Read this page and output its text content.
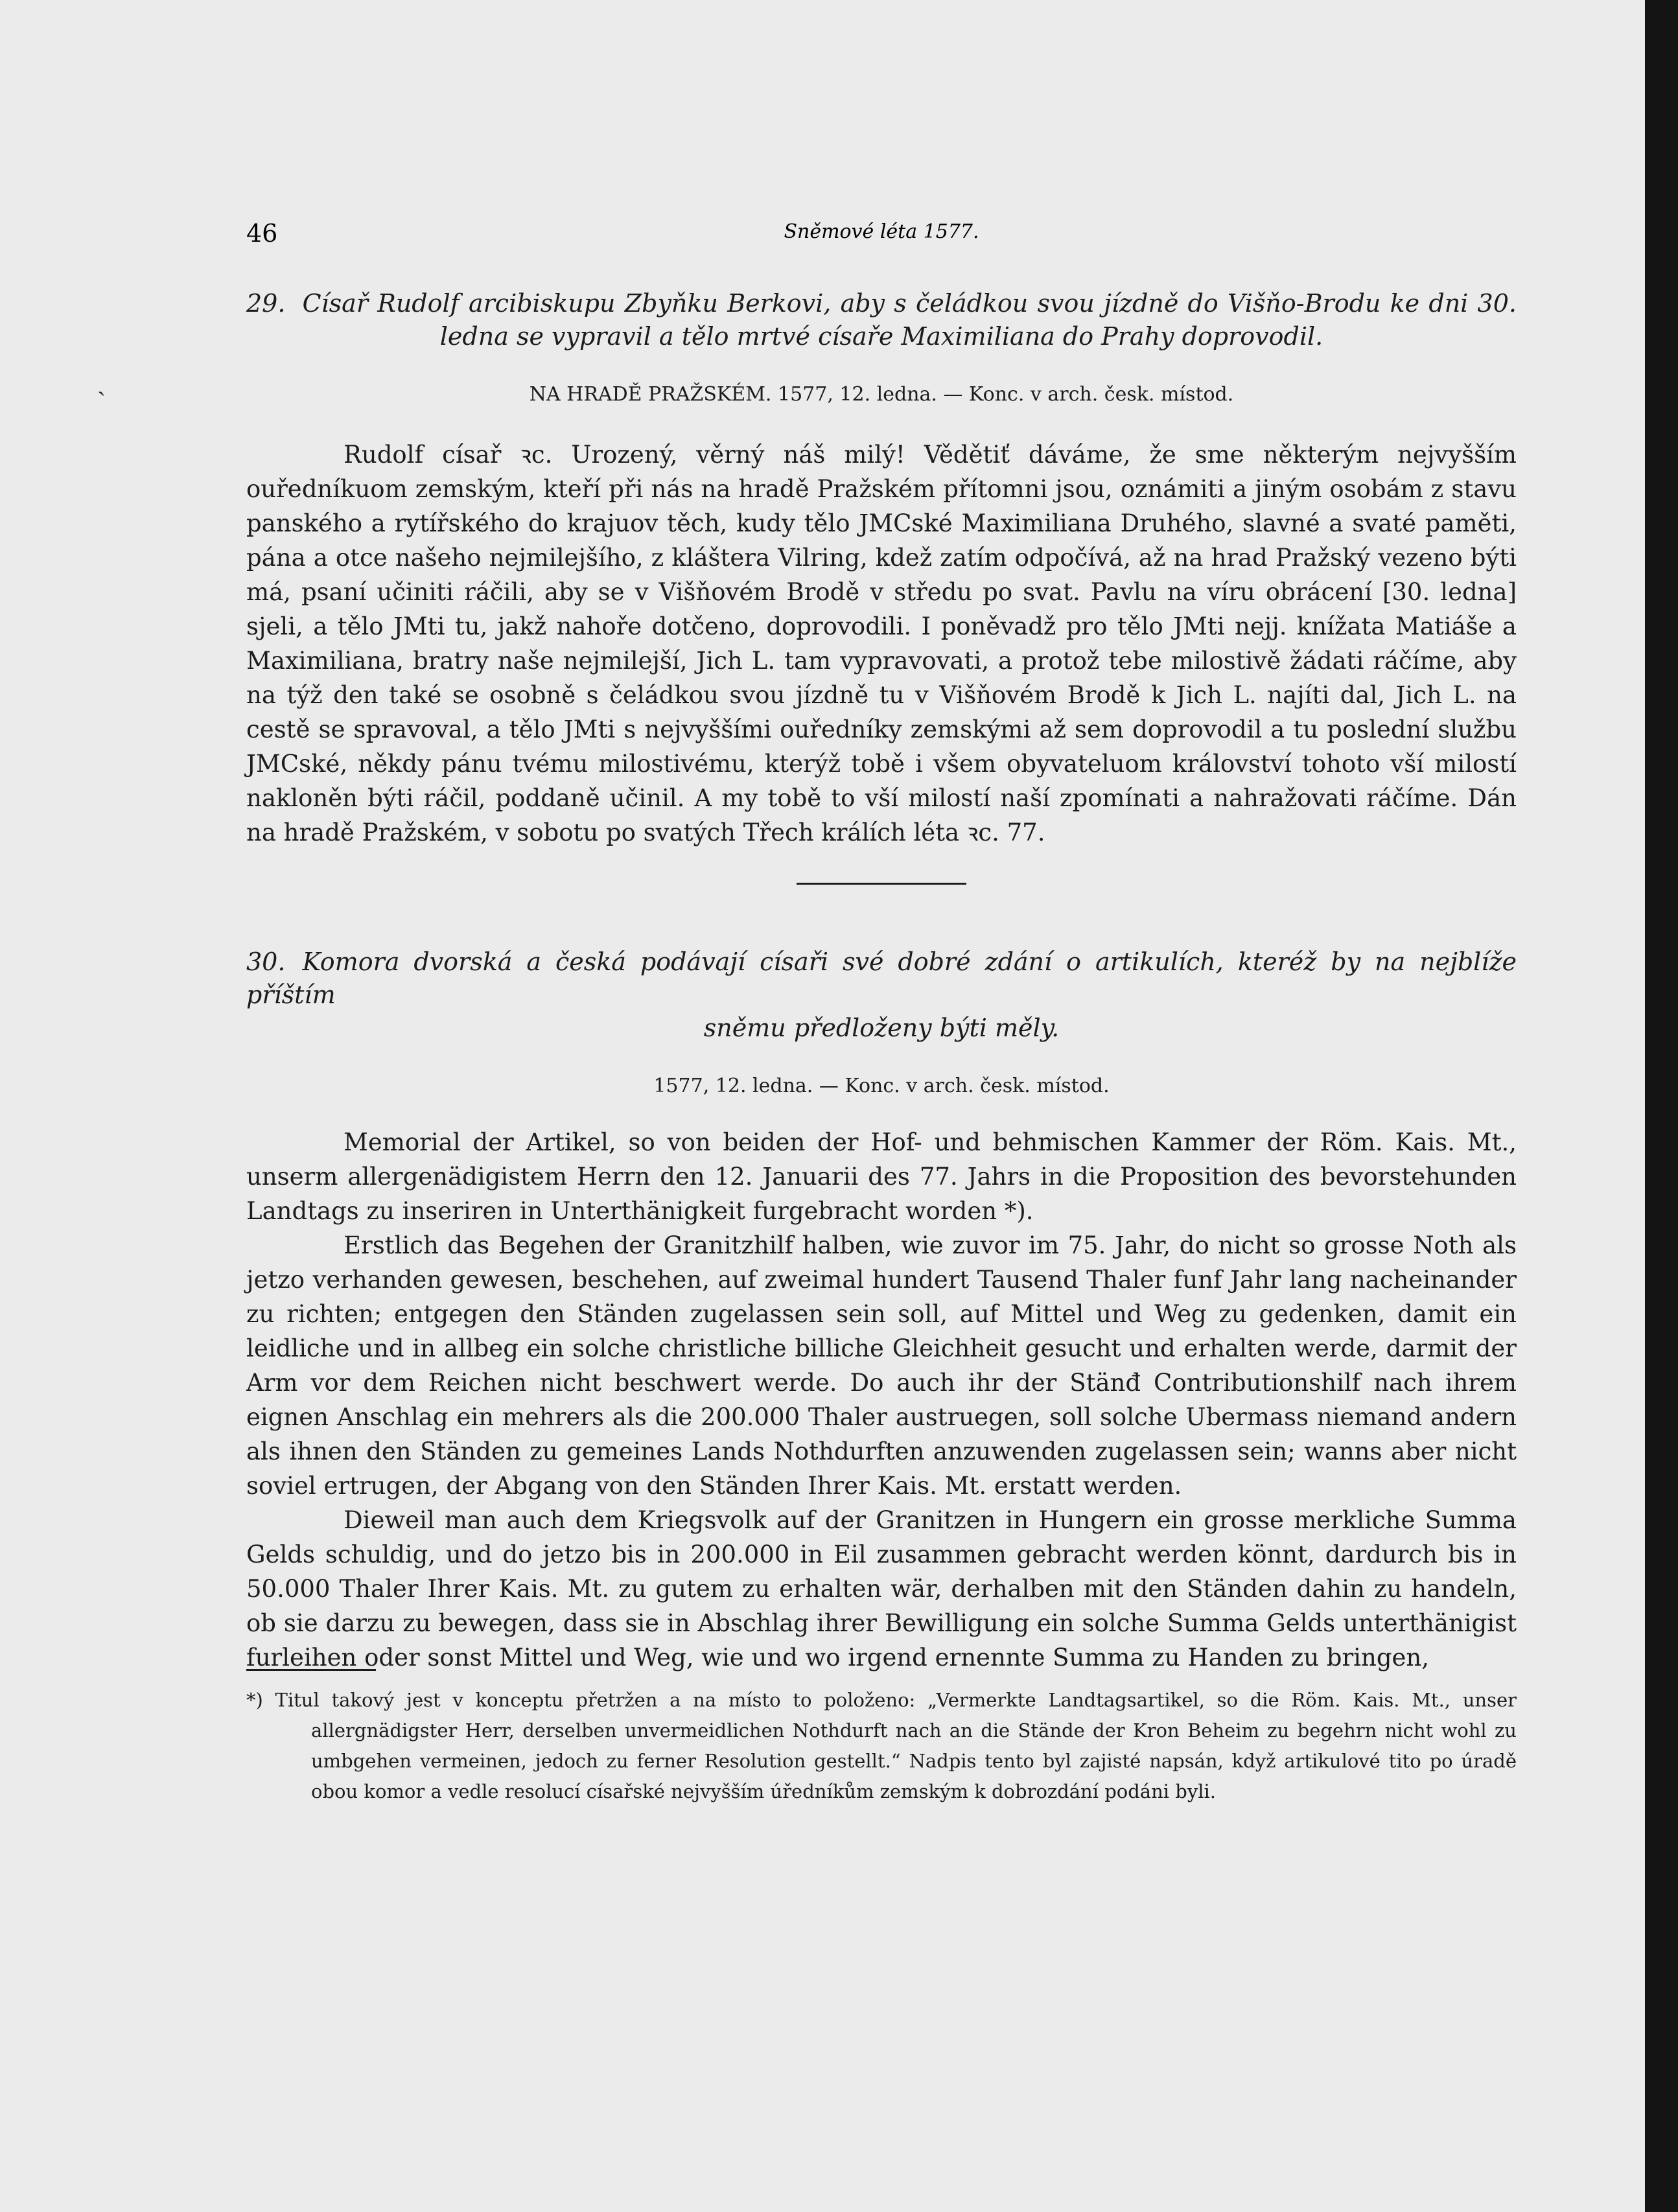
46	Sněmové léta 1577.
ˏ
29. Císař Rudolf arcibiskupu Zbyňku Berkovi, aby s čeládkou svou jízdně do Višňo-Brodu ke dni 30.
ledna se vypravil a tělo mrtvé císaře Maximiliana do Prahy doprovodil.
NA HRADĚ PRAŽSKÉM. 1577, 12. ledna. — Konc. v arch. česk. místod.

Rudolf císař ꝛc. Urozený, věrný náš milý! Vědětiť dáváme, že sme některým nejvyšším ouředníkuom zemským, kteří při nás na hradě Pražském přítomni jsou, oznámiti a jiným osobám z stavu panského a rytířského do krajuov těch, kudy tělo JMCské Maximiliana Druhého, slavné a svaté paměti, pána a otce našeho nejmilejšího, z kláštera Vilring, kdež zatím odpočívá, až na hrad Pražský vezeno býti má, psaní učiniti ráčili, aby se v Višňovém Brodě v středu po svat. Pavlu na víru obrácení [30. ledna] sjeli, a tělo JMti tu, jakž nahoře dotčeno, doprovodili. I poněvadž pro tělo JMti nejj. knížata Matiáše a Maximiliana, bratry naše nejmilejší, Jich L. tam vypravovati, a protož tebe milostivě žádati ráčíme, aby na týž den také se osobně s čeládkou svou jízdně tu v Višňovém Brodě k Jich L. najíti dal, Jich L. na cestě se spravoval, a tělo JMti s nejvyššími ouředníky zemskými až sem doprovodil a tu poslední službu JMCské, někdy pánu tvému milostivému, kterýž tobě i všem obyvateluom království tohoto vší milostí nakloněn býti ráčil, poddaně učinil. A my tobě to vší milostí naší zpomínati a nahražovati ráčíme. Dán na hradě Pražském, v sobotu po svatých Třech králích léta ꝛc. 77.

30. Komora dvorská a česká podávají císaři své dobré zdání o artikulích, kteréž by na nejblíže příštím
sněmu předloženy býti měly.
1577, 12. ledna. — Konc. v arch. česk. místod.

Memorial der Artikel, so von beiden der Hof- und behmischen Kammer der Röm. Kais. Mt., unserm allergenädigistem Herrn den 12. Januarii des 77. Jahrs in die Proposition des bevorstehunden Landtags zu inseriren in Unterthänigkeit furgebracht worden *).

Erstlich das Begehen der Granitzhilf halben, wie zuvor im 75. Jahr, do nicht so grosse Noth als jetzo verhanden gewesen, beschehen, auf zweimal hundert Tausend Thaler funf Jahr lang nacheinander zu richten; entgegen den Ständen zugelassen sein soll, auf Mittel und Weg zu gedenken, damit ein leidliche und in allbeg ein solche christliche billiche Gleichheit gesucht und erhalten werde, darmit der Arm vor dem Reichen nicht beschwert werde. Do auch ihr der Stänđ Contributionshilf nach ihrem eignen Anschlag ein mehrers als die 200.000 Thaler austruegen, soll solche Ubermass niemand andern als ihnen den Ständen zu gemeines Lands Nothdurften anzuwenden zugelassen sein; wanns aber nicht soviel ertrugen, der Abgang von den Ständen Ihrer Kais. Mt. erstatt werden.

Dieweil man auch dem Kriegsvolk auf der Granitzen in Hungern ein grosse merkliche Summa Gelds schuldig, und do jetzo bis in 200.000 in Eil zusammen gebracht werden könnt, dardurch bis in 50.000 Thaler Ihrer Kais. Mt. zu gutem zu erhalten wär, derhalben mit den Ständen dahin zu handeln, ob sie darzu zu bewegen, dass sie in Abschlag ihrer Bewilligung ein solche Summa Gelds unterthänigist furleihen oder sonst Mittel und Weg, wie und wo irgend ernennte Summa zu Handen zu bringen,

*) Titul takový jest v konceptu přetržen a na místo to položeno: „Vermerkte Landtagsartikel, so die Röm. Kais. Mt., unser allergnädigster Herr, derselben unvermeidlichen Nothdurft nach an die Stände der Kron Beheim zu begehrn nicht wohl zu umbgehen vermeinen, jedoch zu ferner Resolution gestellt.“ Nadpis tento byl zajisté napsán, když artikulové tito po úradě obou komor a vedle resolucí císařské nejvyšším úředníkům zemským k dobrozdání podáni byli.
